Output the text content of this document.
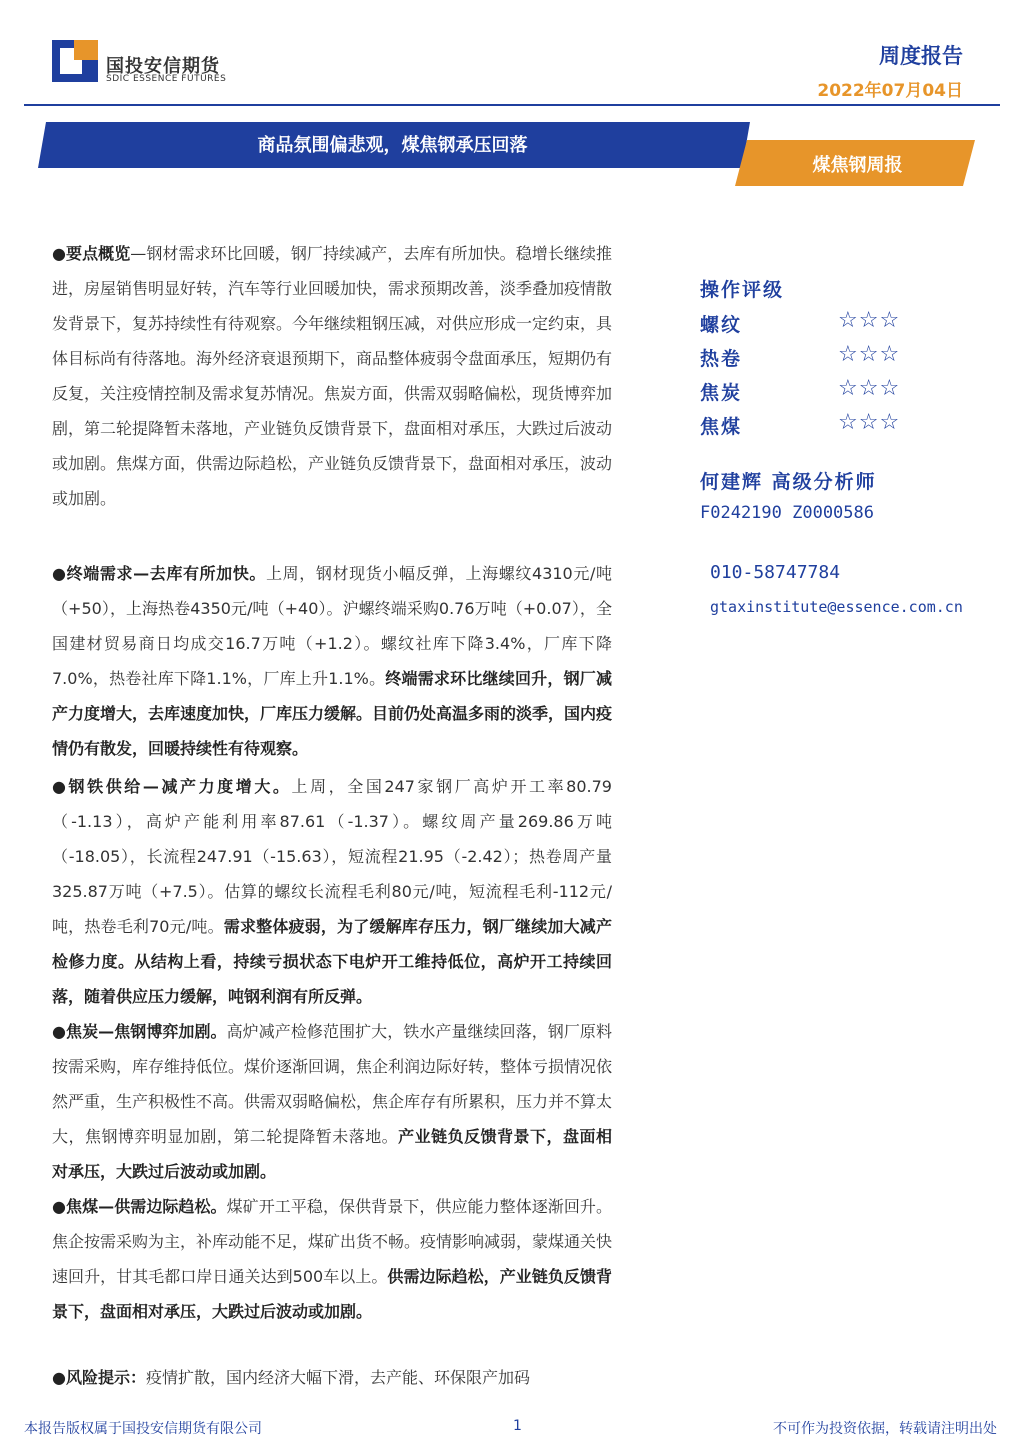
国投安信期货
SDIC ESSENCE FUTURES
周度报告
2022年07月04日
商品氛围偏悲观，煤焦钢承压回落
煤焦钢周报

●要点概览—钢材需求环比回暖，钢厂持续减产，去库有所加快。稳增长继续推进，房屋销售明显好转，汽车等行业回暖加快，需求预期改善，淡季叠加疫情散发背景下，复苏持续性有待观察。今年继续粗钢压减，对供应形成一定约束，具体目标尚有待落地。海外经济衰退预期下，商品整体疲弱令盘面承压，短期仍有反复，关注疫情控制及需求复苏情况。焦炭方面，供需双弱略偏松，现货博弈加剧，第二轮提降暂未落地，产业链负反馈背景下，盘面相对承压，大跌过后波动或加剧。焦煤方面，供需边际趋松，产业链负反馈背景下，盘面相对承压，波动或加剧。

●终端需求—去库有所加快。上周，钢材现货小幅反弹，上海螺纹4310元/吨（+50），上海热卷4350元/吨（+40）。沪螺终端采购0.76万吨（+0.07），全国建材贸易商日均成交16.7万吨（+1.2）。螺纹社库下降3.4%，厂库下降7.0%，热卷社库下降1.1%，厂库上升1.1%。终端需求环比继续回升，钢厂减产力度增大，去库速度加快，厂库压力缓解。目前仍处高温多雨的淡季，国内疫情仍有散发，回暖持续性有待观察。

●钢铁供给—减产力度增大。上周，全国247家钢厂高炉开工率80.79（-1.13），高炉产能利用率87.61（-1.37）。螺纹周产量269.86万吨（-18.05），长流程247.91（-15.63），短流程21.95（-2.42）；热卷周产量325.87万吨（+7.5）。估算的螺纹长流程毛利80元/吨，短流程毛利-112元/吨，热卷毛利70元/吨。需求整体疲弱，为了缓解库存压力，钢厂继续加大减产检修力度。从结构上看，持续亏损状态下电炉开工维持低位，高炉开工持续回落，随着供应压力缓解，吨钢利润有所反弹。

●焦炭—焦钢博弈加剧。高炉减产检修范围扩大，铁水产量继续回落，钢厂原料按需采购，库存维持低位。煤价逐渐回调，焦企利润边际好转，整体亏损情况依然严重，生产积极性不高。供需双弱略偏松，焦企库存有所累积，压力并不算太大，焦钢博弈明显加剧，第二轮提降暂未落地。产业链负反馈背景下，盘面相对承压，大跌过后波动或加剧。

●焦煤—供需边际趋松。煤矿开工平稳，保供背景下，供应能力整体逐渐回升。焦企按需采购为主，补库动能不足，煤矿出货不畅。疫情影响减弱，蒙煤通关快速回升，甘其毛都口岸日通关达到500车以上。供需边际趋松，产业链负反馈背景下，盘面相对承压，大跌过后波动或加剧。

●风险提示：疫情扩散，国内经济大幅下滑，去产能、环保限产加码

操作评级
螺纹	☆☆☆
热卷	☆☆☆
焦炭	☆☆☆
焦煤	☆☆☆
何建辉 高级分析师
F0242190 Z0000586
010-58747784
gtaxinstitute@essence.com.cn
本报告版权属于国投安信期货有限公司	1	不可作为投资依据，转载请注明出处
